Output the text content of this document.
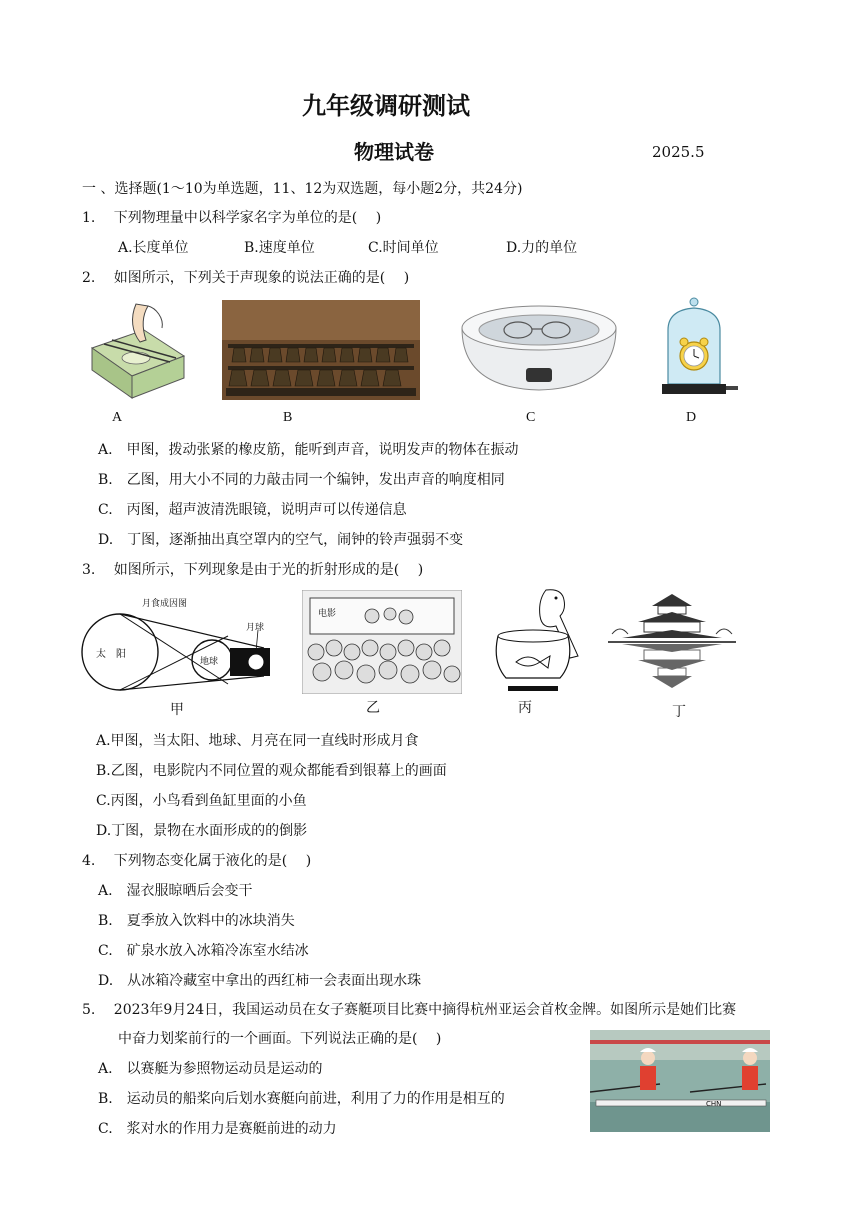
九年级调研测试
物理试卷	2025.5
一 、选择题(1～10为单选题，11、12为双选题，每小题2分，共24分)
1.　 下列物理量中以科学家名字为单位的是(　 )
A.长度单位	B.速度单位	C.时间单位	D.力的单位
2.　 如图所示，下列关于声现象的说法正确的是(　 )
A	B	C	D
A.　甲图，拨动张紧的橡皮筋，能听到声音，说明发声的物体在振动
B.　乙图，用大小不同的力敲击同一个编钟，发出声音的响度相同
C.　丙图，超声波清洗眼镜，说明声可以传递信息
D.　丁图，逐渐抽出真空罩内的空气，闹钟的铃声强弱不变
3.　 如图所示，下列现象是由于光的折射形成的是(　 )
月食成因图
太　阳
地球
月球
甲
电影
乙	丙	丁
A.甲图，当太阳、地球、月亮在同一直线时形成月食
B.乙图，电影院内不同位置的观众都能看到银幕上的画面
C.丙图，小鸟看到鱼缸里面的小鱼
D.丁图，景物在水面形成的的倒影
4.　 下列物态变化属于液化的是(　 )
A.　湿衣服晾晒后会变干
B.　夏季放入饮料中的冰块消失
C.　矿泉水放入冰箱冷冻室水结冰
D.　从冰箱冷藏室中拿出的西红柿一会表面出现水珠
5.　 2023年9月24日，我国运动员在女子赛艇项目比赛中摘得杭州亚运会首枚金牌。如图所示是她们比赛
中奋力划桨前行的一个画面。下列说法正确的是(　 )
CHN
A.　以赛艇为参照物运动员是运动的
B.　运动员的船桨向后划水赛艇向前进，利用了力的作用是相互的
C.　浆对水的作用力是赛艇前进的动力
